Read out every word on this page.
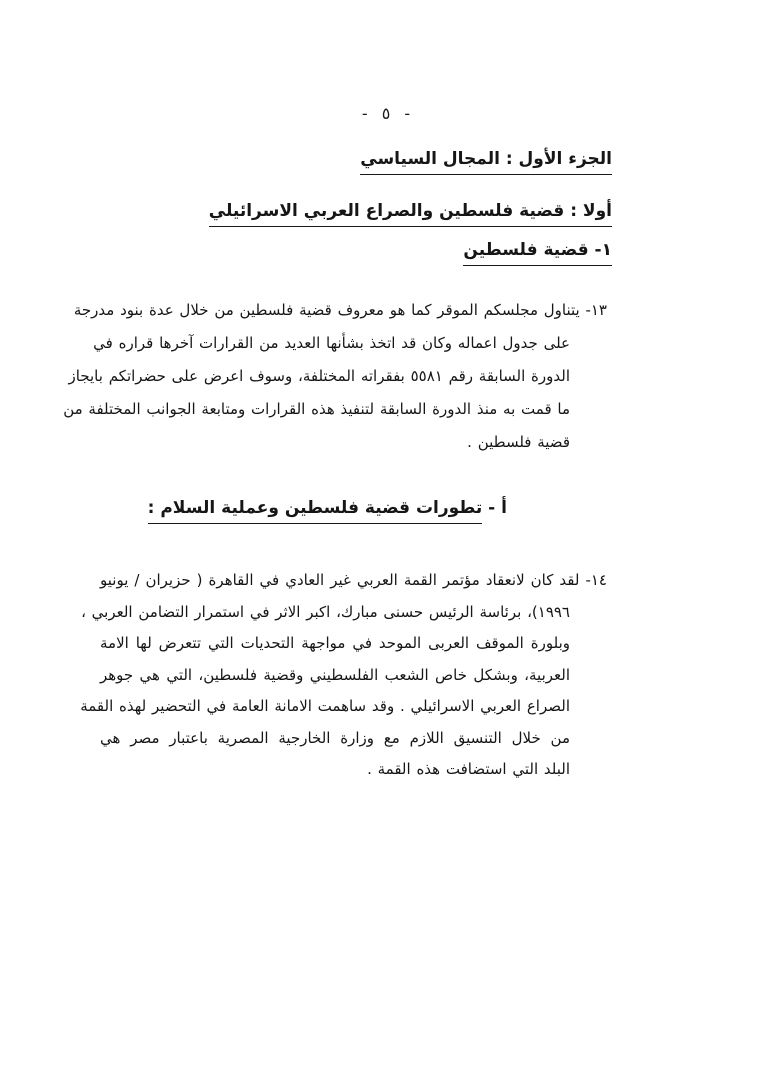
- ٥ -
الجزء الأول : المجال السياسي
أولا : قضية فلسطين والصراع العربي الاسرائيلي
١- قضية فلسطين
١٣- يتناول مجلسكم الموقر كما هو معروف قضية فلسطين من خلال عدة بنود مدرجة
على جدول اعماله وكان قد اتخذ بشأنها العديد من القرارات آخرها قراره في
الدورة السابقة رقم ٥٥٨١ بفقراته المختلفة، وسوف اعرض على حضراتكم بايجاز
ما قمت به منذ الدورة السابقة لتنفيذ هذه القرارات ومتابعة الجوانب المختلفة من
قضية فلسطين .
أ - تطورات قضية فلسطين وعملية السلام :
١٤- لقد كان لانعقاد مؤتمر القمة العربي غير العادي في القاهرة ( حزيران / يونيو
١٩٩٦)، برئاسة الرئيس حسنى مبارك، اكبر الاثر في استمرار التضامن العربي ،
وبلورة الموقف العربى الموحد في مواجهة التحديات التي تتعرض لها الامة
العربية، وبشكل خاص الشعب الفلسطيني وقضية فلسطين، التي هي جوهر
الصراع العربي الاسرائيلي . وقد ساهمت الامانة العامة في التحضير لهذه القمة
من خلال التنسيق اللازم مع وزارة الخارجية المصرية باعتبار مصر هي
البلد التي استضافت هذه القمة .
